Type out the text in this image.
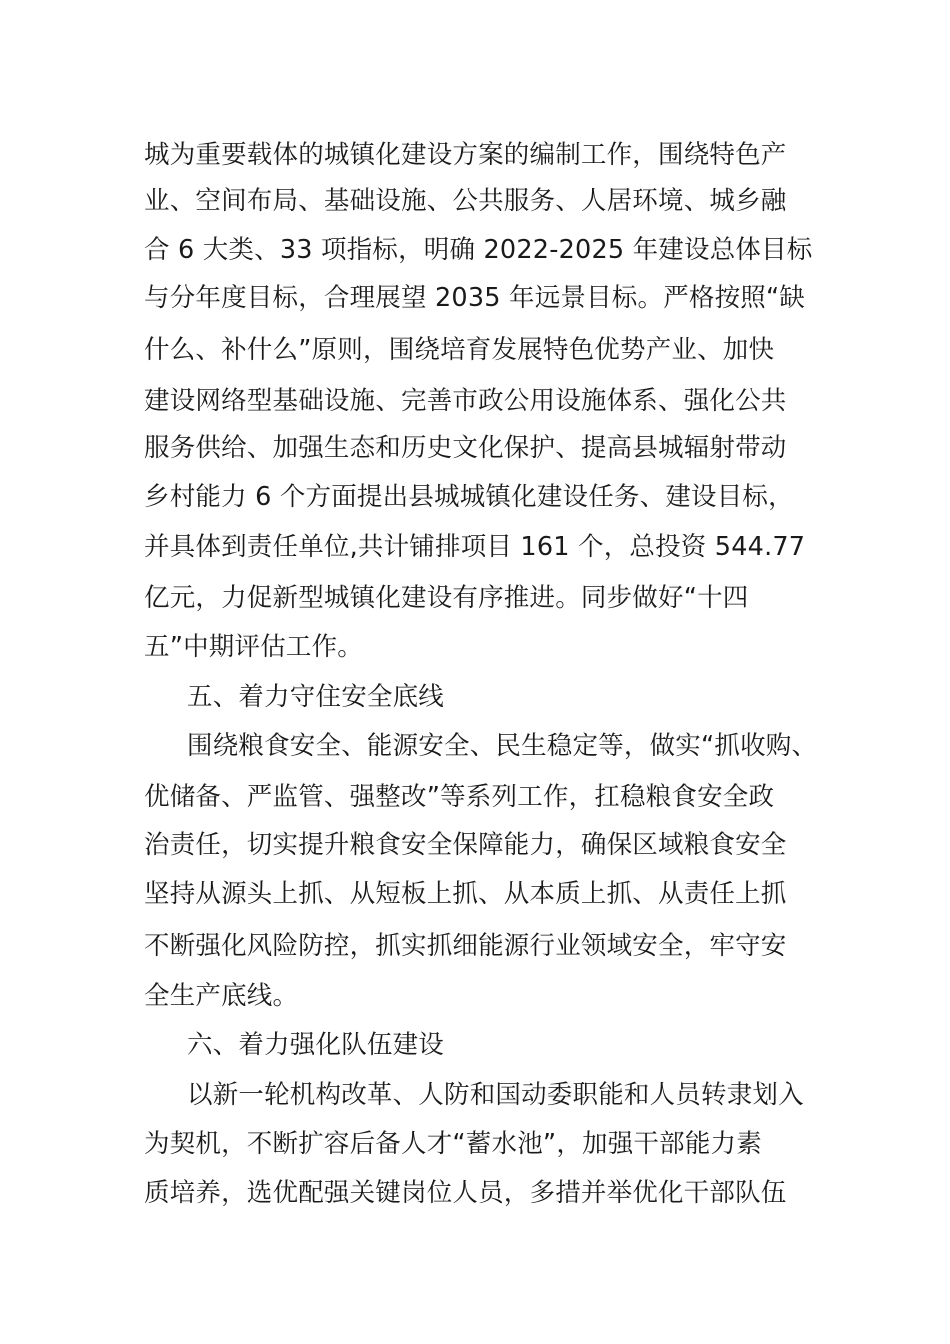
城为重要载体的城镇化建设方案的编制工作，围绕特色产
业、空间布局、基础设施、公共服务、人居环境、城乡融
合 6 大类、33 项指标，明确 2022-2025 年建设总体目标
与分年度目标，合理展望 2035 年远景目标。严格按照“缺
什么、补什么”原则，围绕培育发展特色优势产业、加快
建设网络型基础设施、完善市政公用设施体系、强化公共
服务供给、加强生态和历史文化保护、提高县城辐射带动
乡村能力 6 个方面提出县城城镇化建设任务、建设目标，
并具体到责任单位,共计铺排项目 161 个，总投资 544.77
亿元，力促新型城镇化建设有序推进。同步做好“十四
五”中期评估工作。
五、着力守住安全底线
围绕粮食安全、能源安全、民生稳定等，做实“抓收购、
优储备、严监管、强整改”等系列工作，扛稳粮食安全政
治责任，切实提升粮食安全保障能力，确保区域粮食安全
坚持从源头上抓、从短板上抓、从本质上抓、从责任上抓
不断强化风险防控，抓实抓细能源行业领域安全，牢守安
全生产底线。
六、着力强化队伍建设
以新一轮机构改革、人防和国动委职能和人员转隶划入
为契机，不断扩容后备人才“蓄水池”，加强干部能力素
质培养，选优配强关键岗位人员，多措并举优化干部队伍
